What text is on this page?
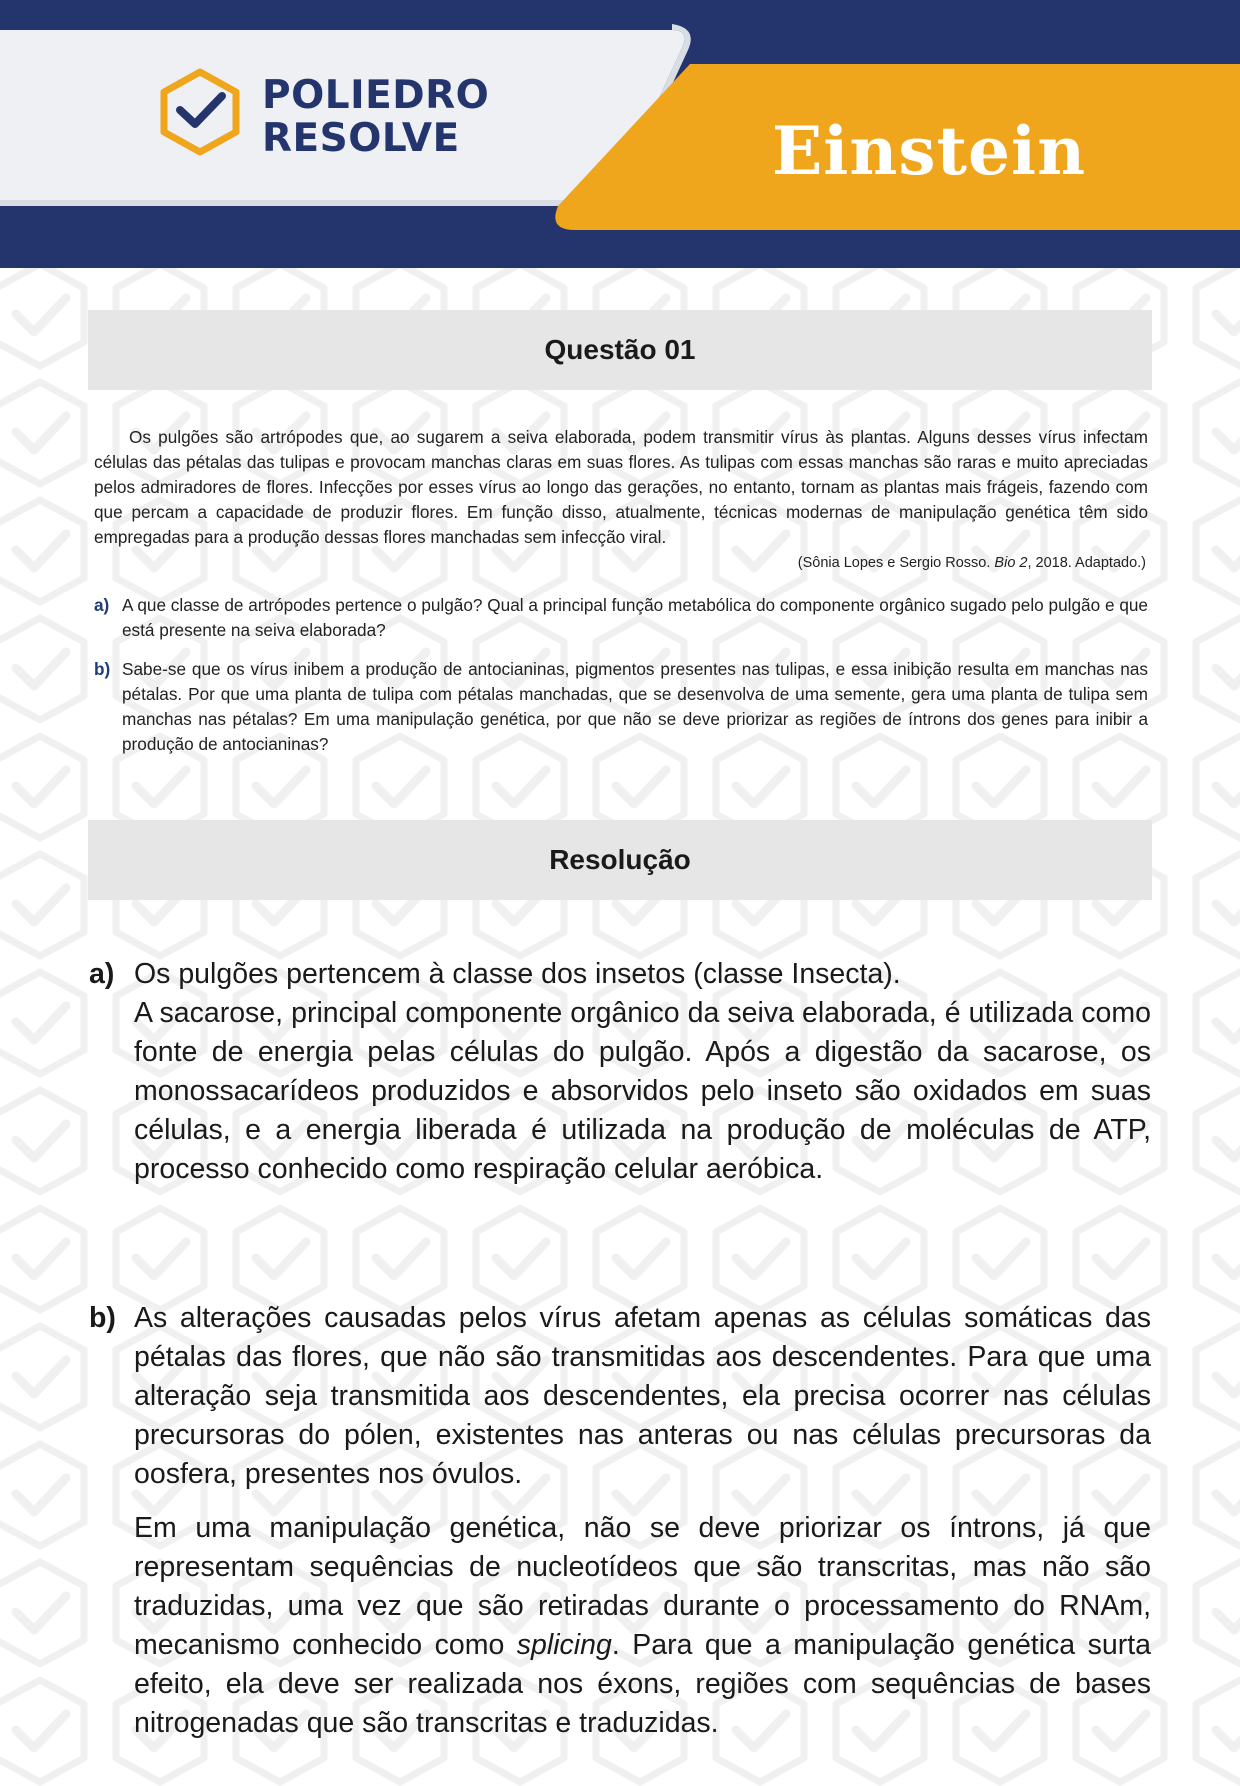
POLIEDRO
RESOLVE	Einstein
Questão 01
Os pulgões são artrópodes que, ao sugarem a seiva elaborada, podem transmitir vírus às plantas. Alguns desses vírus infectam células das pétalas das tulipas e provocam manchas claras em suas flores. As tulipas com essas manchas são raras e muito apreciadas pelos admiradores de flores. Infecções por esses vírus ao longo das gerações, no entanto, tornam as plantas mais frágeis, fazendo com que percam a capacidade de produzir flores. Em função disso, atualmente, técnicas modernas de manipulação genética têm sido empregadas para a produção dessas flores manchadas sem infecção viral.
(Sônia Lopes e Sergio Rosso. Bio 2, 2018. Adaptado.)
a) A que classe de artrópodes pertence o pulgão? Qual a principal função metabólica do componente orgânico sugado pelo pulgão e que está presente na seiva elaborada?
b) Sabe-se que os vírus inibem a produção de antocianinas, pigmentos presentes nas tulipas, e essa inibição resulta em manchas nas pétalas. Por que uma planta de tulipa com pétalas manchadas, que se desenvolva de uma semente, gera uma planta de tulipa sem manchas nas pétalas? Em uma manipulação genética, por que não se deve priorizar as regiões de íntrons dos genes para inibir a produção de antocianinas?
Resolução
a) Os pulgões pertencem à classe dos insetos (classe Insecta).

A sacarose, principal componente orgânico da seiva elaborada, é utilizada como fonte de energia pelas células do pulgão. Após a digestão da sacarose, os monossacarídeos produzidos e absorvidos pelo inseto são oxidados em suas células, e a energia liberada é utilizada na produção de moléculas de ATP, processo conhecido como respiração celular aeróbica.

b) As alterações causadas pelos vírus afetam apenas as células somáticas das pétalas das flores, que não são transmitidas aos descendentes. Para que uma alteração seja transmitida aos descendentes, ela precisa ocorrer nas células precursoras do pólen, existentes nas anteras ou nas células precursoras da oosfera, presentes nos óvulos.

Em uma manipulação genética, não se deve priorizar os íntrons, já que representam sequências de nucleotídeos que são transcritas, mas não são traduzidas, uma vez que são retiradas durante o processamento do RNAm, mecanismo conhecido como splicing. Para que a manipulação genética surta efeito, ela deve ser realizada nos éxons, regiões com sequências de bases nitrogenadas que são transcritas e traduzidas.
